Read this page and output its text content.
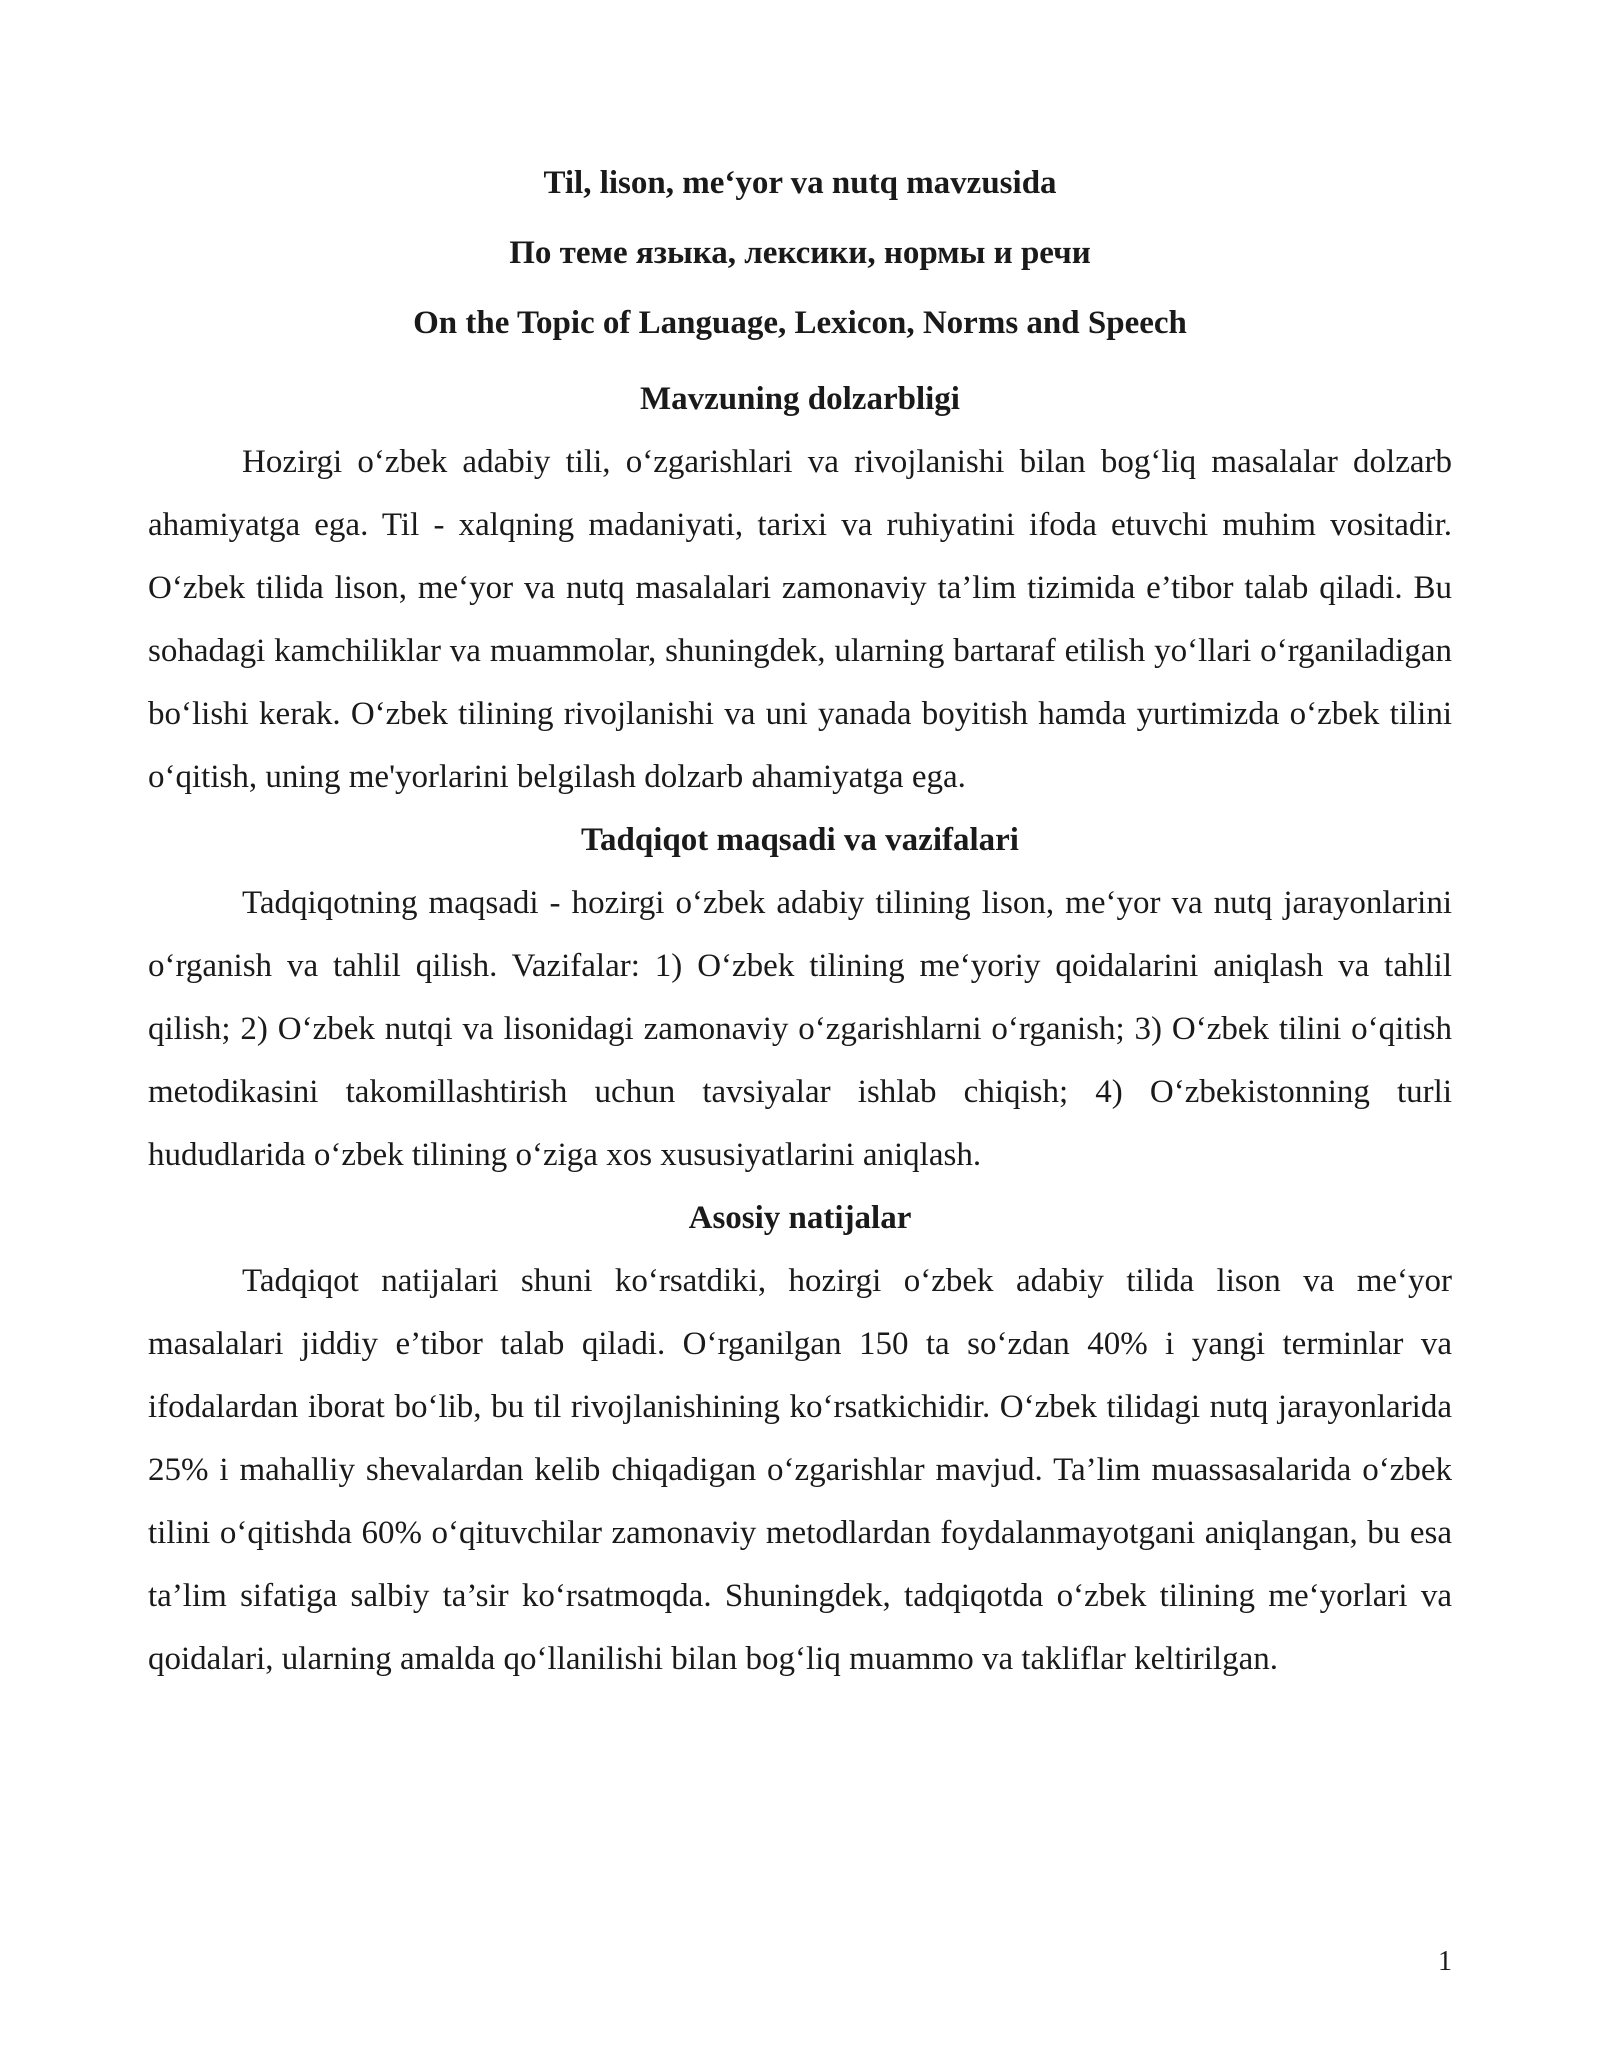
Til, lison, me‘yor va nutq mavzusida

По теме языка, лексики, нормы и речи

On the Topic of Language, Lexicon, Norms and Speech

Mavzuning dolzarbligi

Hozirgi o‘zbek adabiy tili, o‘zgarishlari va rivojlanishi bilan bog‘liq masalalar dolzarb ahamiyatga ega. Til - xalqning madaniyati, tarixi va ruhiyatini ifoda etuvchi muhim vositadir. O‘zbek tilida lison, me‘yor va nutq masalalari zamonaviy ta’lim tizimida e’tibor talab qiladi. Bu sohadagi kamchiliklar va muammolar, shuningdek, ularning bartaraf etilish yo‘llari o‘rganiladigan bo‘lishi kerak. O‘zbek tilining rivojlanishi va uni yanada boyitish hamda yurtimizda o‘zbek tilini o‘qitish, uning me'yorlarini belgilash dolzarb ahamiyatga ega.

Tadqiqot maqsadi va vazifalari

Tadqiqotning maqsadi - hozirgi o‘zbek adabiy tilining lison, me‘yor va nutq jarayonlarini o‘rganish va tahlil qilish. Vazifalar: 1) O‘zbek tilining me‘yoriy qoidalarini aniqlash va tahlil qilish; 2) O‘zbek nutqi va lisonidagi zamonaviy o‘zgarishlarni o‘rganish; 3) O‘zbek tilini o‘qitish metodikasini takomillashtirish uchun tavsiyalar ishlab chiqish; 4) O‘zbekistonning turli hududlarida o‘zbek tilining o‘ziga xos xususiyatlarini aniqlash.

Asosiy natijalar

Tadqiqot natijalari shuni ko‘rsatdiki, hozirgi o‘zbek adabiy tilida lison va me‘yor masalalari jiddiy e’tibor talab qiladi. O‘rganilgan 150 ta so‘zdan 40% i yangi terminlar va ifodalardan iborat bo‘lib, bu til rivojlanishining ko‘rsatkichidir. O‘zbek tilidagi nutq jarayonlarida 25% i mahalliy shevalardan kelib chiqadigan o‘zgarishlar mavjud. Ta’lim muassasalarida o‘zbek tilini o‘qitishda 60% o‘qituvchilar zamonaviy metodlardan foydalanmayotgani aniqlangan, bu esa ta’lim sifatiga salbiy ta’sir ko‘rsatmoqda. Shuningdek, tadqiqotda o‘zbek tilining me‘yorlari va qoidalari, ularning amalda qo‘llanilishi bilan bog‘liq muammo va takliflar keltirilgan.

1
